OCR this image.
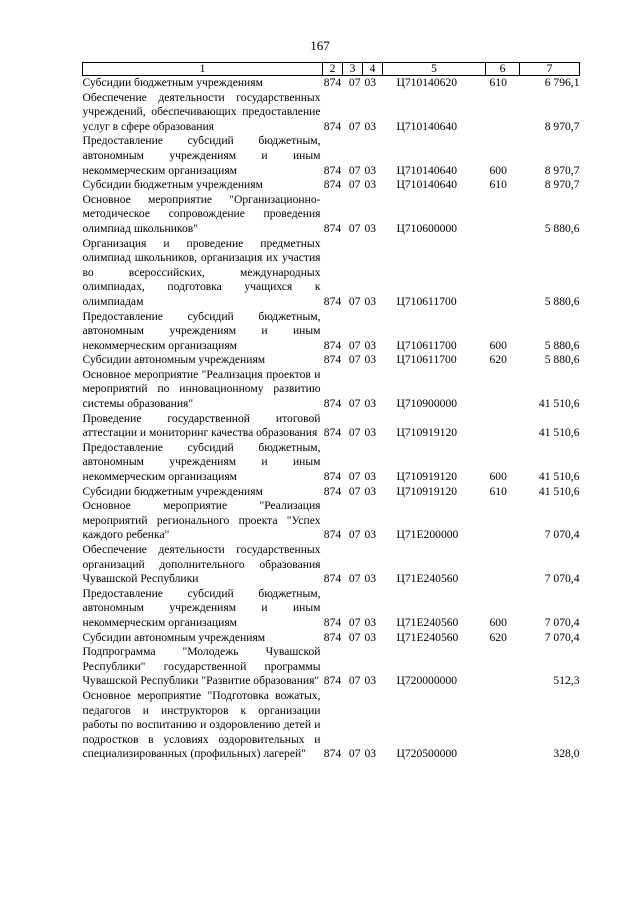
167
1	2	3	4	5	6	7
Субсидии бюджетным учреждениям	874	07	03	Ц710140620	610	6 796,1
Обеспечение деятельности государственных учреждений, обеспечивающих предоставление услуг в сфере образования	874	07	03	Ц710140640		8 970,7
Предоставление субсидий бюджетным, автономным учреждениям и иным некоммерческим организациям	874	07	03	Ц710140640	600	8 970,7
Субсидии бюджетным учреждениям	874	07	03	Ц710140640	610	8 970,7
Основное мероприятие "Организационно-методическое сопровождение проведения олимпиад школьников"	874	07	03	Ц710600000		5 880,6
Организация и проведение предметных олимпиад школьников, организация их участия во всероссийских, международных олимпиадах, подготовка учащихся к олимпиадам	874	07	03	Ц710611700		5 880,6
Предоставление субсидий бюджетным, автономным учреждениям и иным некоммерческим организациям	874	07	03	Ц710611700	600	5 880,6
Субсидии автономным учреждениям	874	07	03	Ц710611700	620	5 880,6
Основное мероприятие "Реализация проектов и мероприятий по инновационному развитию системы образования"	874	07	03	Ц710900000		41 510,6
Проведение государственной итоговой аттестации и мониторинг качества образования	874	07	03	Ц710919120		41 510,6
Предоставление субсидий бюджетным, автономным учреждениям и иным некоммерческим организациям	874	07	03	Ц710919120	600	41 510,6
Субсидии бюджетным учреждениям	874	07	03	Ц710919120	610	41 510,6
Основное мероприятие "Реализация мероприятий регионального проекта "Успех каждого ребенка"	874	07	03	Ц71Е200000		7 070,4
Обеспечение деятельности государственных организаций дополнительного образования Чувашской Республики	874	07	03	Ц71Е240560		7 070,4
Предоставление субсидий бюджетным, автономным учреждениям и иным некоммерческим организациям	874	07	03	Ц71Е240560	600	7 070,4
Субсидии автономным учреждениям	874	07	03	Ц71Е240560	620	7 070,4
Подпрограмма "Молодежь Чувашской Республики" государственной программы Чувашской Республики "Развитие образования"	874	07	03	Ц720000000		512,3
Основное мероприятие "Подготовка вожатых, педагогов и инструкторов к организации работы по воспитанию и оздоровлению детей и подростков в условиях оздоровительных и специализированных (профильных) лагерей"	874	07	03	Ц720500000		328,0
